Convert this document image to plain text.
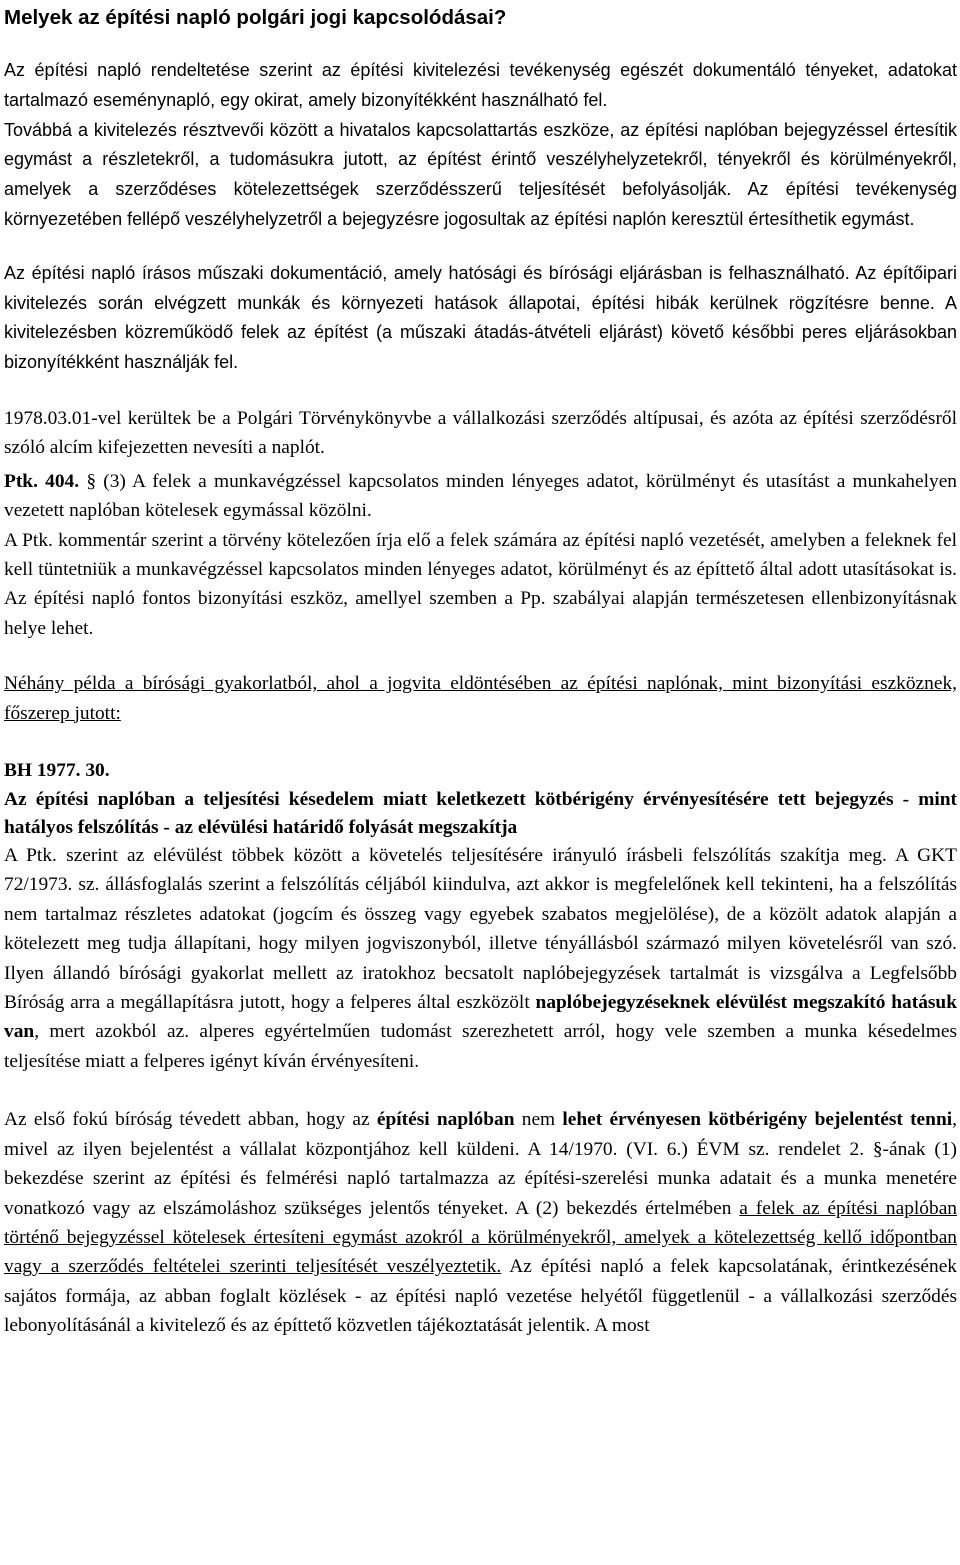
Melyek az építési napló polgári jogi kapcsolódásai?

Az építési napló rendeltetése szerint az építési kivitelezési tevékenység egészét dokumentáló tényeket, adatokat tartalmazó eseménynapló, egy okirat, amely bizonyítékként használható fel.

Továbbá a kivitelezés résztvevői között a hivatalos kapcsolattartás eszköze, az építési naplóban bejegyzéssel értesítik egymást a részletekről, a tudomásukra jutott, az építést érintő veszélyhelyzetekről, tényekről és körülményekről, amelyek a szerződéses kötelezettségek szerződésszerű teljesítését befolyásolják. Az építési tevékenység környezetében fellépő veszélyhelyzetről a bejegyzésre jogosultak az építési naplón keresztül értesíthetik egymást.

Az építési napló írásos műszaki dokumentáció, amely hatósági és bírósági eljárásban is felhasználható. Az építőipari kivitelezés során elvégzett munkák és környezeti hatások állapotai, építési hibák kerülnek rögzítésre benne. A kivitelezésben közreműködő felek az építést (a műszaki átadás-átvételi eljárást) követő későbbi peres eljárásokban bizonyítékként használják fel.

1978.03.01-vel kerültek be a Polgári Törvénykönyvbe a vállalkozási szerződés altípusai, és azóta az építési szerződésről szóló alcím kifejezetten nevesíti a naplót.

Ptk. 404. § (3) A felek a munkavégzéssel kapcsolatos minden lényeges adatot, körülményt és utasítást a munkahelyen vezetett naplóban kötelesek egymással közölni.

A Ptk. kommentár szerint a törvény kötelezően írja elő a felek számára az építési napló vezetését, amelyben a feleknek fel kell tüntetniük a munkavégzéssel kapcsolatos minden lényeges adatot, körülményt és az építtető által adott utasításokat is. Az építési napló fontos bizonyítási eszköz, amellyel szemben a Pp. szabályai alapján természetesen ellenbizonyításnak helye lehet.

Néhány példa a bírósági gyakorlatból, ahol a jogvita eldöntésében az építési naplónak, mint bizonyítási eszköznek, főszerep jutott:

BH 1977. 30.

Az építési naplóban a teljesítési késedelem miatt keletkezett kötbérigény érvényesítésére tett bejegyzés - mint hatályos felszólítás - az elévülési határidő folyását megszakítja

A Ptk. szerint az elévülést többek között a követelés teljesítésére irányuló írásbeli felszólítás szakítja meg. A GKT 72/1973. sz. állásfoglalás szerint a felszólítás céljából kiindulva, azt akkor is megfelelőnek kell tekinteni, ha a felszólítás nem tartalmaz részletes adatokat (jogcím és összeg vagy egyebek szabatos megjelölése), de a közölt adatok alapján a kötelezett meg tudja állapítani, hogy milyen jogviszonyból, illetve tényállásból származó milyen követelésről van szó. Ilyen állandó bírósági gyakorlat mellett az iratokhoz becsatolt naplóbejegyzések tartalmát is vizsgálva a Legfelsőbb Bíróság arra a megállapításra jutott, hogy a felperes által eszközölt naplóbejegyzéseknek elévülést megszakító hatásuk van, mert azokból az. alperes egyértelműen tudomást szerezhetett arról, hogy vele szemben a munka késedelmes teljesítése miatt a felperes igényt kíván érvényesíteni.

Az első fokú bíróság tévedett abban, hogy az építési naplóban nem lehet érvényesen kötbérigény bejelentést tenni, mivel az ilyen bejelentést a vállalat központjához kell küldeni. A 14/1970. (VI. 6.) ÉVM sz. rendelet 2. §-ának (1) bekezdése szerint az építési és felmérési napló tartalmazza az építési-szerelési munka adatait és a munka menetére vonatkozó vagy az elszámoláshoz szükséges jelentős tényeket. A (2) bekezdés értelmében a felek az építési naplóban történő bejegyzéssel kötelesek értesíteni egymást azokról a körülményekről, amelyek a kötelezettség kellő időpontban vagy a szerződés feltételei szerinti teljesítését veszélyeztetik. Az építési napló a felek kapcsolatának, érintkezésének sajátos formája, az abban foglalt közlések - az építési napló vezetése helyétől függetlenül - a vállalkozási szerződés lebonyolításánál a kivitelező és az építtető közvetlen tájékoztatását jelentik. A most
